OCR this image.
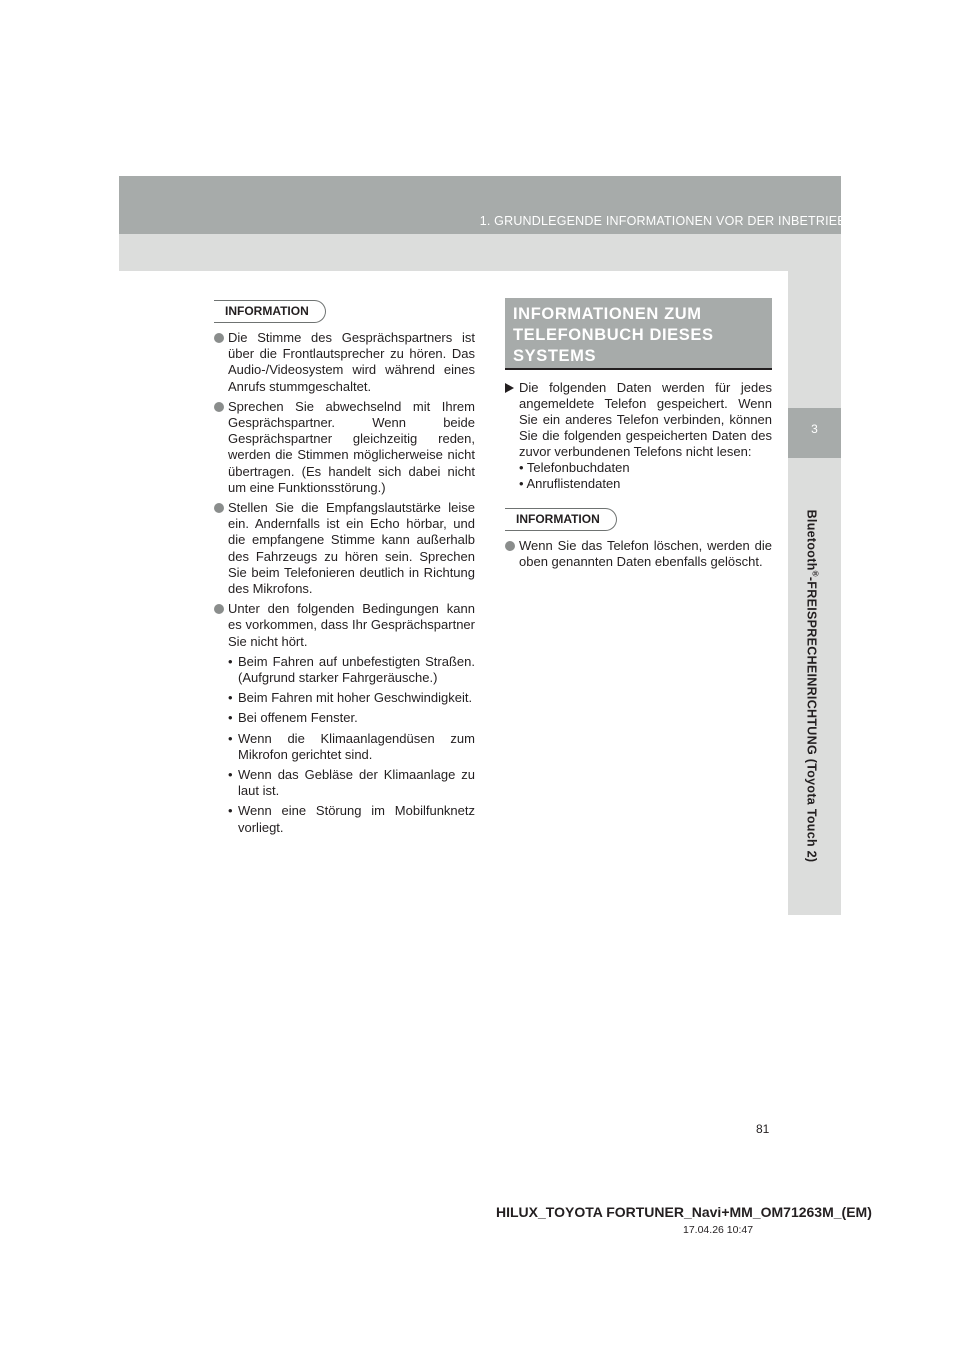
1. GRUNDLEGENDE INFORMATIONEN VOR DER INBETRIEBNAHME
3
Bluetooth®-FREISPRECHEINRICHTUNG (Toyota Touch 2)
INFORMATION

Die Stimme des Gesprächspartners ist über die Frontlautsprecher zu hören. Das Audio-/Videosystem wird während eines Anrufs stummgeschaltet.

Sprechen Sie abwechselnd mit Ihrem Gesprächspartner. Wenn beide Gesprächspartner gleichzeitig reden, werden die Stimmen möglicherweise nicht übertragen. (Es handelt sich dabei nicht um eine Funktionsstörung.)

Stellen Sie die Empfangslautstärke leise ein. Andernfalls ist ein Echo hörbar, und die empfangene Stimme kann außerhalb des Fahrzeugs zu hören sein. Sprechen Sie beim Telefonieren deutlich in Richtung des Mikrofons.

Unter den folgenden Bedingungen kann es vorkommen, dass Ihr Gesprächspartner Sie nicht hört.

• Beim Fahren auf unbefestigten Straßen. (Aufgrund starker Fahrgeräusche.)

• Beim Fahren mit hoher Geschwindigkeit.

• Bei offenem Fenster.

• Wenn die Klimaanlagendüsen zum Mikrofon gerichtet sind.

• Wenn das Gebläse der Klimaanlage zu laut ist.

• Wenn eine Störung im Mobilfunknetz vorliegt.

INFORMATIONEN ZUM
TELEFONBUCH DIESES
SYSTEMS

Die folgenden Daten werden für jedes angemeldete Telefon gespeichert. Wenn Sie ein anderes Telefon verbinden, können Sie die folgenden gespeicherten Daten des zuvor verbundenen Telefons nicht lesen:

• Telefonbuchdaten
• Anruflistendaten
INFORMATION

Wenn Sie das Telefon löschen, werden die oben genannten Daten ebenfalls gelöscht.

81
HILUX_TOYOTA FORTUNER_Navi+MM_OM71263M_(EM)
17.04.26 10:47
